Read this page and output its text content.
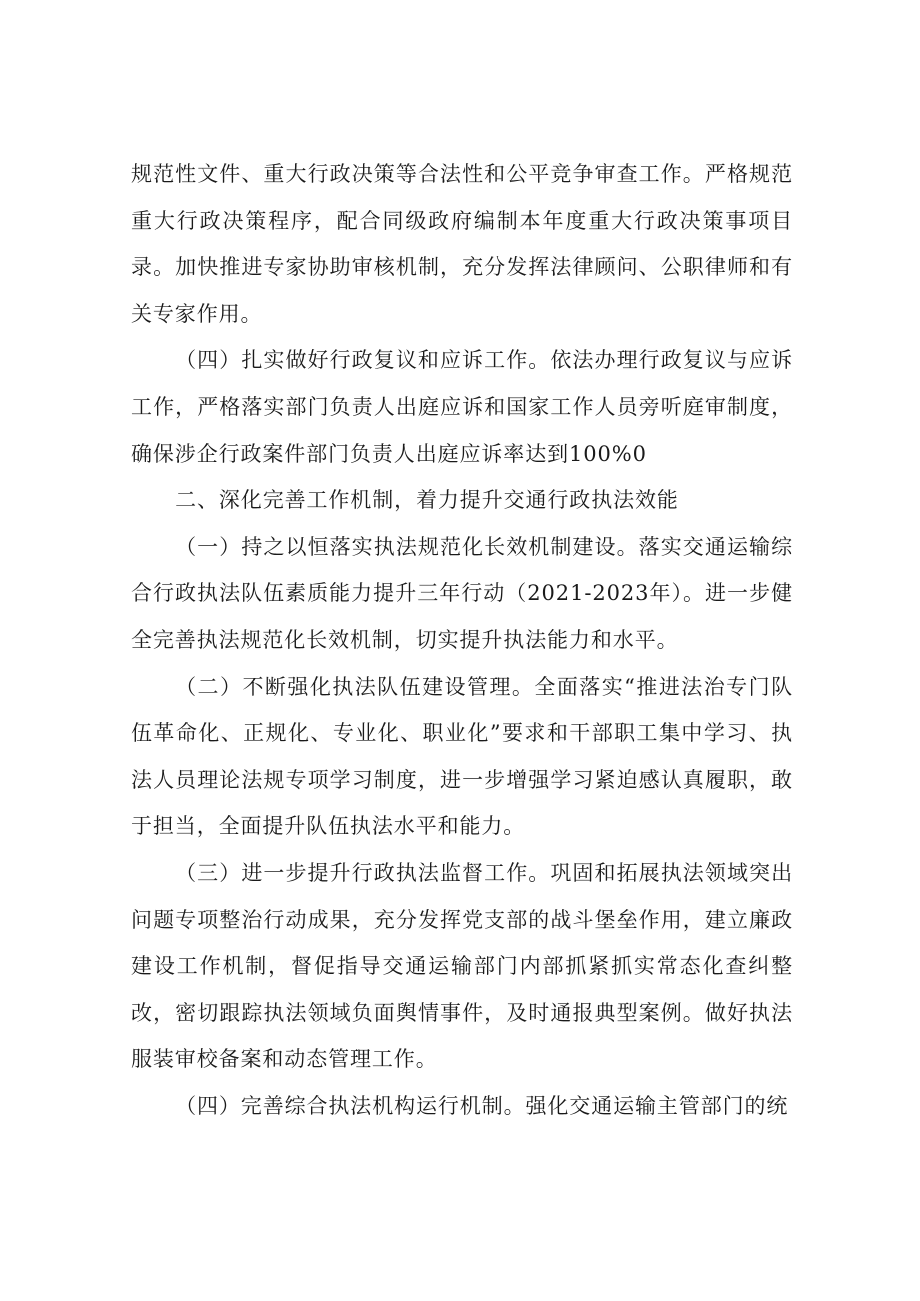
规范性文件、重大行政决策等合法性和公平竞争审查工作。严格规范重大行政决策程序，配合同级政府编制本年度重大行政决策事项目录。加快推进专家协助审核机制，充分发挥法律顾问、公职律师和有关专家作用。

（四）扎实做好行政复议和应诉工作。依法办理行政复议与应诉工作，严格落实部门负责人出庭应诉和国家工作人员旁听庭审制度，确保涉企行政案件部门负责人出庭应诉率达到100%0

二、深化完善工作机制，着力提升交通行政执法效能

（一）持之以恒落实执法规范化长效机制建设。落实交通运输综合行政执法队伍素质能力提升三年行动（2021-2023年）。进一步健全完善执法规范化长效机制，切实提升执法能力和水平。

（二）不断强化执法队伍建设管理。全面落实“推进法治专门队伍革命化、正规化、专业化、职业化”要求和干部职工集中学习、执法人员理论法规专项学习制度，进一步增强学习紧迫感认真履职，敢于担当，全面提升队伍执法水平和能力。

（三）进一步提升行政执法监督工作。巩固和拓展执法领域突出问题专项整治行动成果，充分发挥党支部的战斗堡垒作用，建立廉政建设工作机制，督促指导交通运输部门内部抓紧抓实常态化查纠整改，密切跟踪执法领域负面舆情事件，及时通报典型案例。做好执法服装审校备案和动态管理工作。

（四）完善综合执法机构运行机制。强化交通运输主管部门的统
